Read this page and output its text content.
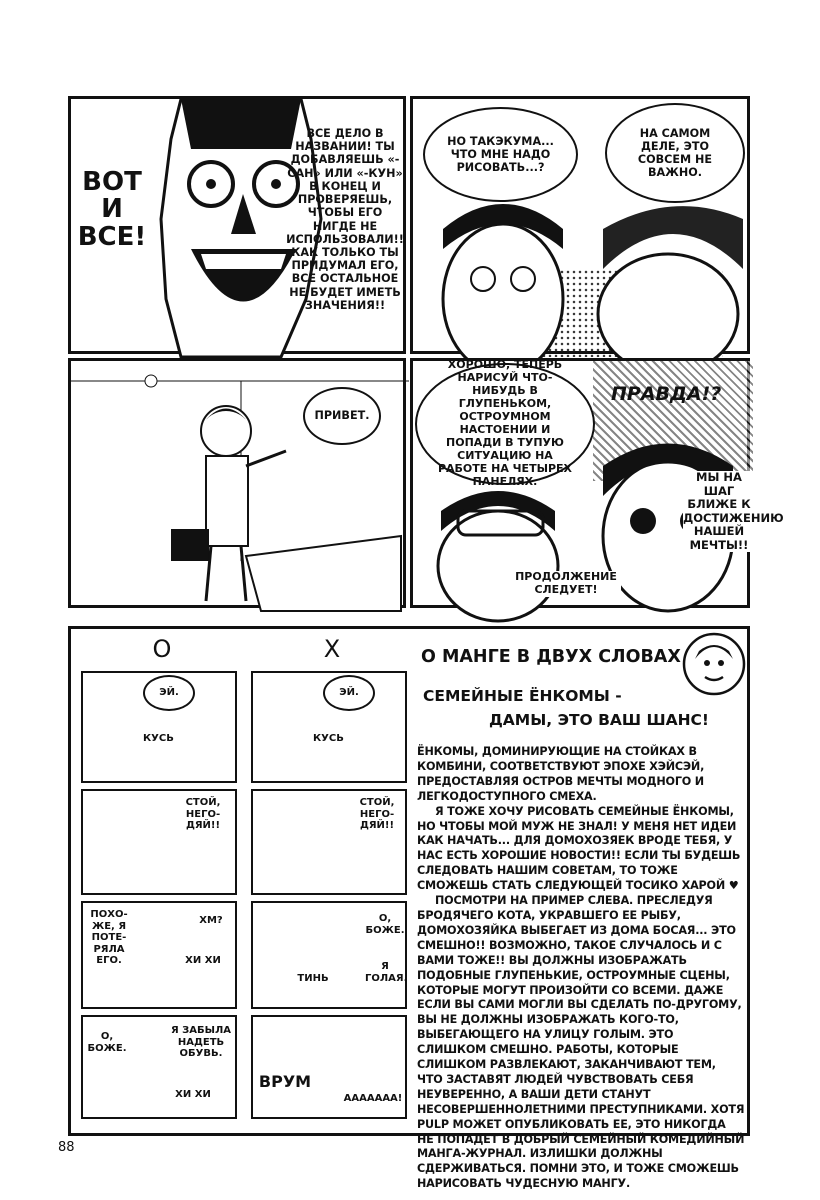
ВОТ И ВСЕ!
ВСЕ ДЕЛО В НАЗВАНИИ! ТЫ ДОБАВЛЯЕШЬ «-САН» ИЛИ «-КУН» В КОНЕЦ И ПРОВЕРЯЕШЬ, ЧТОБЫ ЕГО НИГДЕ НЕ ИСПОЛЬЗОВАЛИ!! КАК ТОЛЬКО ТЫ ПРИДУМАЛ ЕГО, ВСЕ ОСТАЛЬНОЕ НЕ БУДЕТ ИМЕТЬ ЗНАЧЕНИЯ!!
НО ТАКЭКУМА... ЧТО МНЕ НАДО РИСОВАТЬ...?
НА САМОМ ДЕЛЕ, ЭТО СОВСЕМ НЕ ВАЖНО.
ПРИВЕТ.
ХОРОШО, ТЕПЕРЬ НАРИСУЙ ЧТО-НИБУДЬ В ГЛУПЕНЬКОМ, ОСТРОУМНОМ НАСТОЕНИИ И ПОПАДИ В ТУПУЮ СИТУАЦИЮ НА РАБОТЕ НА ЧЕТЫРЕХ ПАНЕЛЯХ.
ПРАВДА!?
МЫ НА ШАГ БЛИЖЕ К ДОСТИЖЕНИЮ НАШЕЙ МЕЧТЫ!!
ПРОДОЛЖЕНИЕ СЛЕДУЕТ!
О	Х
ЭЙ.
КУСЬ
СТОЙ, НЕГО-ДЯЙ!!
ПОХО-ЖЕ, Я ПОТЕ-РЯЛА ЕГО.
ХМ?
ХИ ХИ
О, БОЖЕ.
Я ЗАБЫЛА НАДЕТЬ ОБУВЬ.
ХИ ХИ
ЭЙ.
КУСЬ
СТОЙ, НЕГО-ДЯЙ!!
О, БОЖЕ.
Я ГОЛАЯ.
ТИНЬ
ВРУМ
ААААААА!
О МАНГЕ В ДВУХ СЛОВАХ
СЕМЕЙНЫЕ ЁНКОМЫ -
ДАМЫ, ЭТО ВАШ ШАНС!

ЁНКОМЫ, ДОМИНИРУЮЩИЕ НА СТОЙКАХ В КОМБИНИ, СООТВЕТСТВУЮТ ЭПОХЕ ХЭЙСЭЙ, ПРЕДОСТАВЛЯЯ ОСТРОВ МЕЧТЫ МОДНОГО И ЛЕГКОДОСТУПНОГО СМЕХА.

Я ТОЖЕ ХОЧУ РИСОВАТЬ СЕМЕЙНЫЕ ЁНКОМЫ, НО ЧТОБЫ МОЙ МУЖ НЕ ЗНАЛ! У МЕНЯ НЕТ ИДЕИ КАК НАЧАТЬ... ДЛЯ ДОМОХОЗЯЕК ВРОДЕ ТЕБЯ, У НАС ЕСТЬ ХОРОШИЕ НОВОСТИ!! ЕСЛИ ТЫ БУДЕШЬ СЛЕДОВАТЬ НАШИМ СОВЕТАМ, ТО ТОЖЕ СМОЖЕШЬ СТАТЬ СЛЕДУЮЩЕЙ ТОСИКО ХАРОЙ ♥

ПОСМОТРИ НА ПРИМЕР СЛЕВА. ПРЕСЛЕДУЯ БРОДЯЧЕГО КОТА, УКРАВШЕГО ЕЕ РЫБУ, ДОМОХОЗЯЙКА ВЫБЕГАЕТ ИЗ ДОМА БОСАЯ... ЭТО СМЕШНО!! ВОЗМОЖНО, ТАКОЕ СЛУЧАЛОСЬ И С ВАМИ ТОЖЕ!! ВЫ ДОЛЖНЫ ИЗОБРАЖАТЬ ПОДОБНЫЕ ГЛУПЕНЬКИЕ, ОСТРОУМНЫЕ СЦЕНЫ, КОТОРЫЕ МОГУТ ПРОИЗОЙТИ СО ВСЕМИ. ДАЖЕ ЕСЛИ ВЫ САМИ МОГЛИ ВЫ СДЕЛАТЬ ПО-ДРУГОМУ, ВЫ НЕ ДОЛЖНЫ ИЗОБРАЖАТЬ КОГО-ТО, ВЫБЕГАЮЩЕГО НА УЛИЦУ ГОЛЫМ. ЭТО СЛИШКОМ СМЕШНО. РАБОТЫ, КОТОРЫЕ СЛИШКОМ РАЗВЛЕКАЮТ, ЗАКАНЧИВАЮТ ТЕМ, ЧТО ЗАСТАВЯТ ЛЮДЕЙ ЧУВСТВОВАТЬ СЕБЯ НЕУВЕРЕННО, А ВАШИ ДЕТИ СТАНУТ НЕСОВЕРШЕННОЛЕТНИМИ ПРЕСТУПНИКАМИ. ХОТЯ PULP МОЖЕТ ОПУБЛИКОВАТЬ ЕЕ, ЭТО НИКОГДА НЕ ПОПАДЕТ В ДОБРЫЙ СЕМЕЙНЫЙ КОМЕДИЙНЫЙ МАНГА-ЖУРНАЛ. ИЗЛИШКИ ДОЛЖНЫ СДЕРЖИВАТЬСЯ. ПОМНИ ЭТО, И ТОЖЕ СМОЖЕШЬ НАРИСОВАТЬ ЧУДЕСНУЮ МАНГУ.

88
